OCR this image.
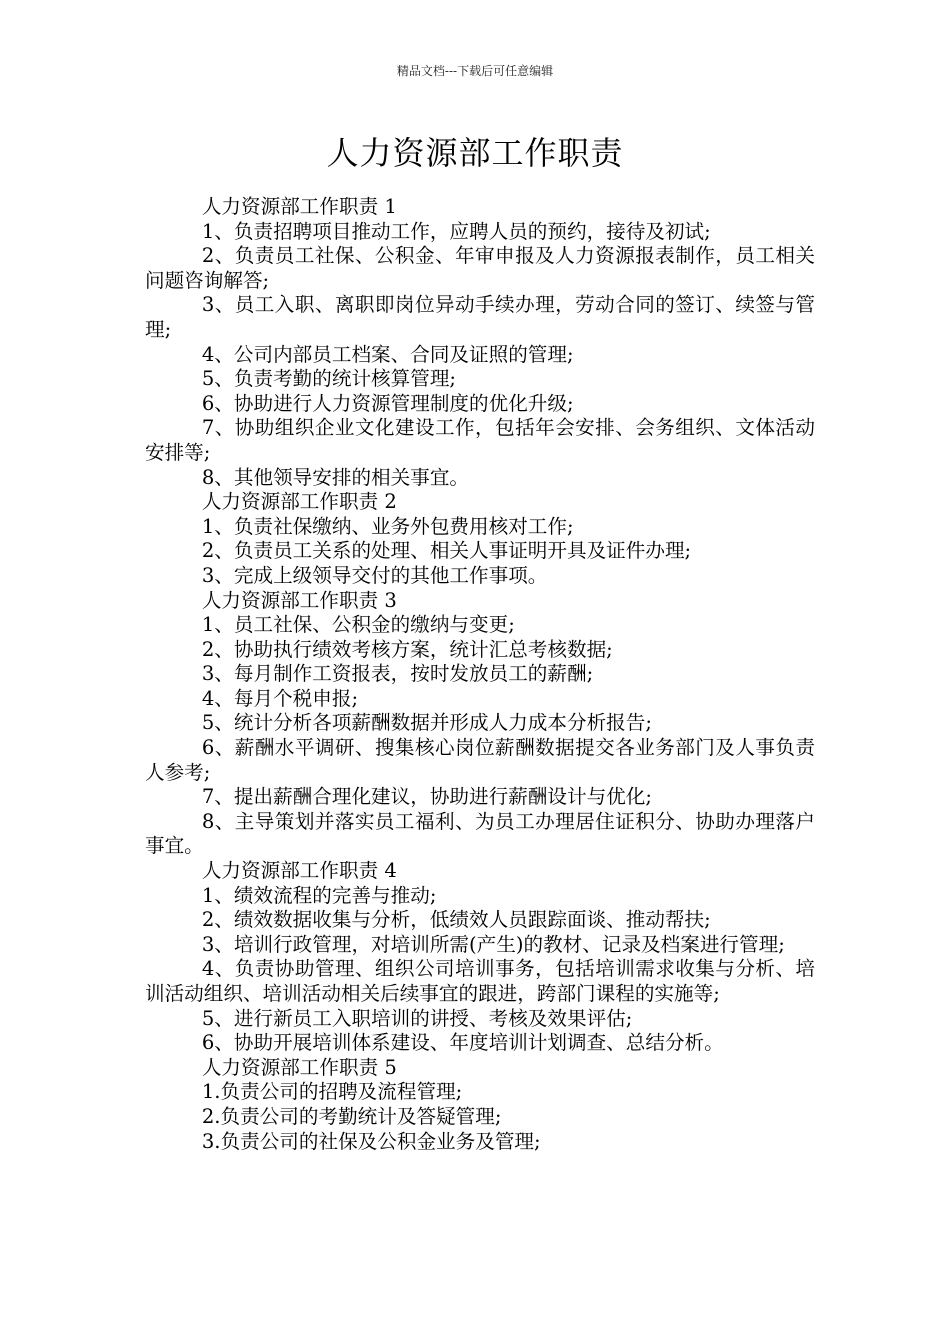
精品文档---下载后可任意编辑
人力资源部工作职责

人力资源部工作职责 1

1、负责招聘项目推动工作，应聘人员的预约，接待及初试;

2、负责员工社保、公积金、年审申报及人力资源报表制作，员工相关问题咨询解答;

3、员工入职、离职即岗位异动手续办理，劳动合同的签订、续签与管理;

4、公司内部员工档案、合同及证照的管理;

5、负责考勤的统计核算管理;

6、协助进行人力资源管理制度的优化升级;

7、协助组织企业文化建设工作，包括年会安排、会务组织、文体活动安排等;

8、其他领导安排的相关事宜。

人力资源部工作职责 2

1、负责社保缴纳、业务外包费用核对工作;

2、负责员工关系的处理、相关人事证明开具及证件办理;

3、完成上级领导交付的其他工作事项。

人力资源部工作职责 3

1、员工社保、公积金的缴纳与变更;

2、协助执行绩效考核方案，统计汇总考核数据;

3、每月制作工资报表，按时发放员工的薪酬;

4、每月个税申报;

5、统计分析各项薪酬数据并形成人力成本分析报告;

6、薪酬水平调研、搜集核心岗位薪酬数据提交各业务部门及人事负责人参考;

7、提出薪酬合理化建议，协助进行薪酬设计与优化;

8、主导策划并落实员工福利、为员工办理居住证积分、协助办理落户事宜。

人力资源部工作职责 4

1、绩效流程的完善与推动;

2、绩效数据收集与分析，低绩效人员跟踪面谈、推动帮扶;

3、培训行政管理，对培训所需(产生)的教材、记录及档案进行管理;

4、负责协助管理、组织公司培训事务，包括培训需求收集与分析、培训活动组织、培训活动相关后续事宜的跟进，跨部门课程的实施等;

5、进行新员工入职培训的讲授、考核及效果评估;

6、协助开展培训体系建设、年度培训计划调查、总结分析。

人力资源部工作职责 5

1.负责公司的招聘及流程管理;

2.负责公司的考勤统计及答疑管理;

3.负责公司的社保及公积金业务及管理;
